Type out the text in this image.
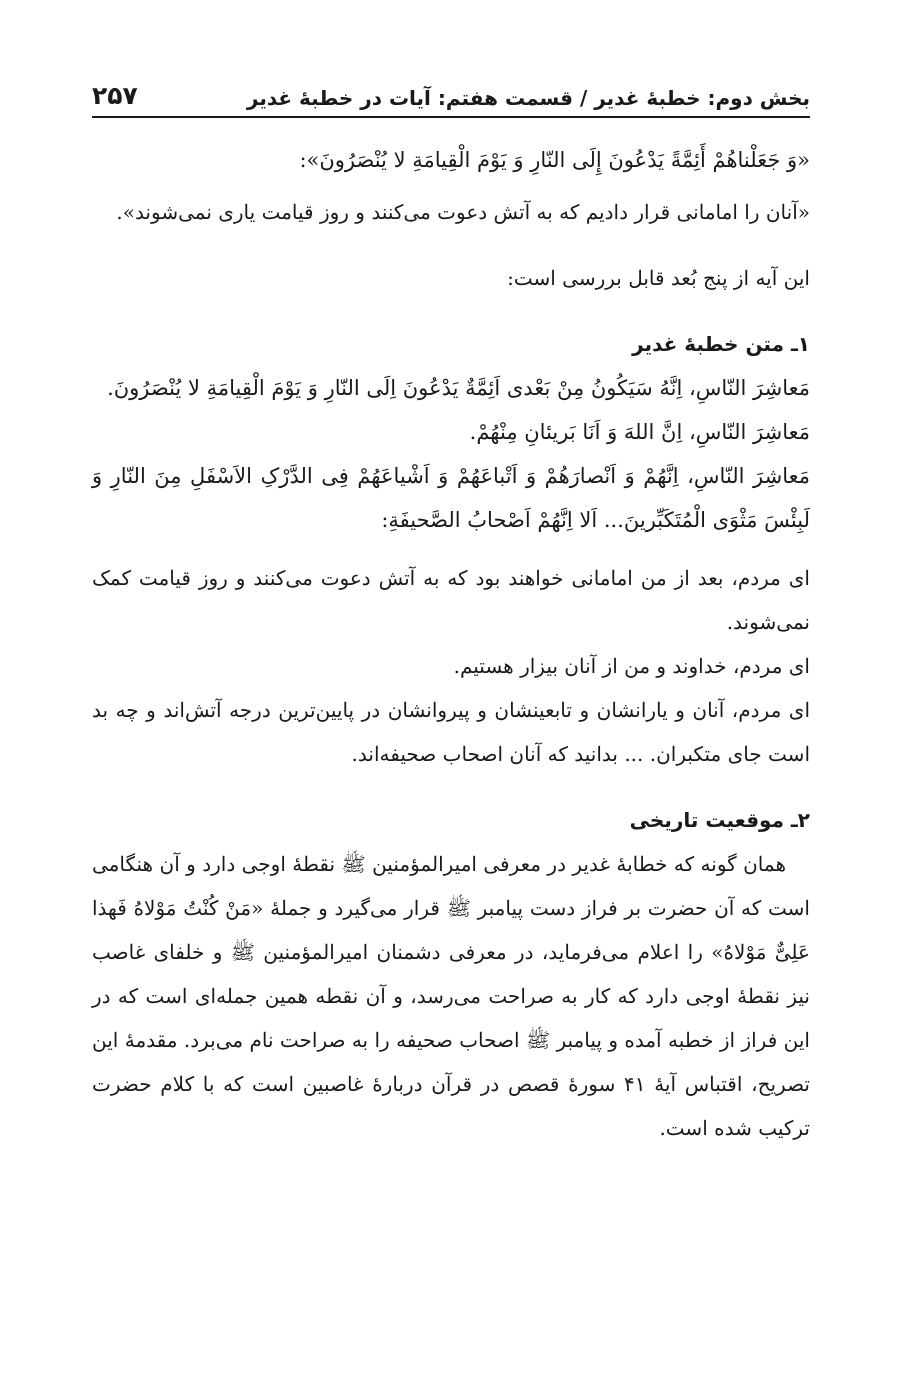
بخش دوم: خطبهٔ غدیر / قسمت هفتم: آیات در خطبهٔ غدیر
۲۵۷

«وَ جَعَلْناهُمْ أَئِمَّةً یَدْعُونَ إِلَی النّارِ وَ یَوْمَ الْقِیامَةِ لا یُنْصَرُونَ»:

«آنان را امامانی قرار دادیم که به آتش دعوت می‌کنند و روز قیامت یاری نمی‌شوند».

این آیه از پنج بُعد قابل بررسی است:

۱ـ متن خطبهٔ غدیر

مَعاشِرَ النّاسِ، اِنَّهُ سَیَکُونُ مِنْ بَعْدی اَئِمَّةٌ یَدْعُونَ اِلَی النّارِ وَ یَوْمَ الْقِیامَةِ لا یُنْصَرُونَ.

مَعاشِرَ النّاسِ، اِنَّ اللهَ وَ اَنَا بَریئانِ مِنْهُمْ.

مَعاشِرَ النّاسِ، اِنَّهُمْ وَ اَنْصارَهُمْ وَ اَتْباعَهُمْ وَ اَشْیاعَهُمْ فِی الدَّرْکِ الاَسْفَلِ مِنَ النّارِ وَ لَبِئْسَ مَثْوَی الْمُتَکَبِّرینَ... اَلا اِنَّهُمْ اَصْحابُ الصَّحیفَةِ:

ای مردم، بعد از من امامانی خواهند بود که به آتش دعوت می‌کنند و روز قیامت کمک نمی‌شوند.

ای مردم، خداوند و من از آنان بیزار هستیم.

ای مردم، آنان و یارانشان و تابعینشان و پیروانشان در پایین‌ترین درجه آتش‌اند و چه بد است جای متکبران. ... بدانید که آنان اصحاب صحیفه‌اند.

۲ـ موقعیت تاریخی

همان گونه که خطابهٔ غدیر در معرفی امیرالمؤمنین ﷺ نقطهٔ اوجی دارد و آن هنگامی است که آن حضرت بر فراز دست پیامبر ﷺ قرار می‌گیرد و جملهٔ «مَنْ کُنْتُ مَوْلاهُ فَهذا عَلِیٌّ مَوْلاهُ» را اعلام می‌فرماید، در معرفی دشمنان امیرالمؤمنین ﷺ و خلفای غاصب نیز نقطهٔ اوجی دارد که کار به صراحت می‌رسد، و آن نقطه همین جمله‌ای است که در این فراز از خطبه آمده و پیامبر ﷺ اصحاب صحیفه را به صراحت نام می‌برد. مقدمهٔ این تصریح، اقتباس آیهٔ ۴۱ سورهٔ قصص در قرآن دربارهٔ غاصبین است که با کلام حضرت ترکیب شده است.
